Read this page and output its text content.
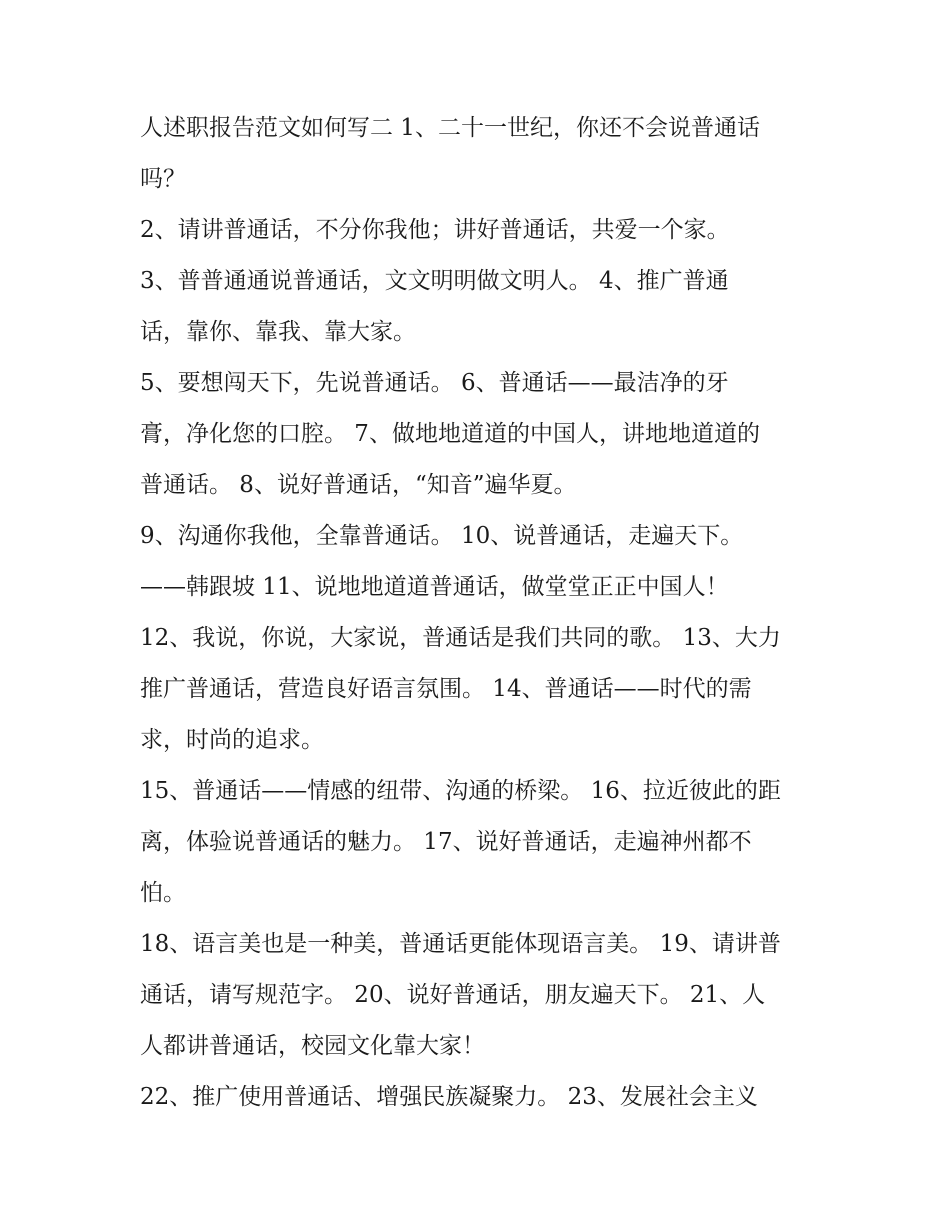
人述职报告范文如何写二 1、二十一世纪，你还不会说普通话
吗？
2、请讲普通话，不分你我他；讲好普通话，共爱一个家。
3、普普通通说普通话，文文明明做文明人。 4、推广普通
话，靠你、靠我、靠大家。
5、要想闯天下，先说普通话。 6、普通话——最洁净的牙
膏，净化您的口腔。 7、做地地道道的中国人，讲地地道道的
普通话。 8、说好普通话，“知音”遍华夏。
9、沟通你我他，全靠普通话。 10、说普通话，走遍天下。
——韩跟坡 11、说地地道道普通话，做堂堂正正中国人！
12、我说，你说，大家说，普通话是我们共同的歌。 13、大力
推广普通话，营造良好语言氛围。 14、普通话——时代的需
求，时尚的追求。
15、普通话——情感的纽带、沟通的桥梁。 16、拉近彼此的距
离，体验说普通话的魅力。 17、说好普通话，走遍神州都不
怕。
18、语言美也是一种美，普通话更能体现语言美。 19、请讲普
通话，请写规范字。 20、说好普通话，朋友遍天下。 21、人
人都讲普通话，校园文化靠大家！
22、推广使用普通话、增强民族凝聚力。 23、发展社会主义
